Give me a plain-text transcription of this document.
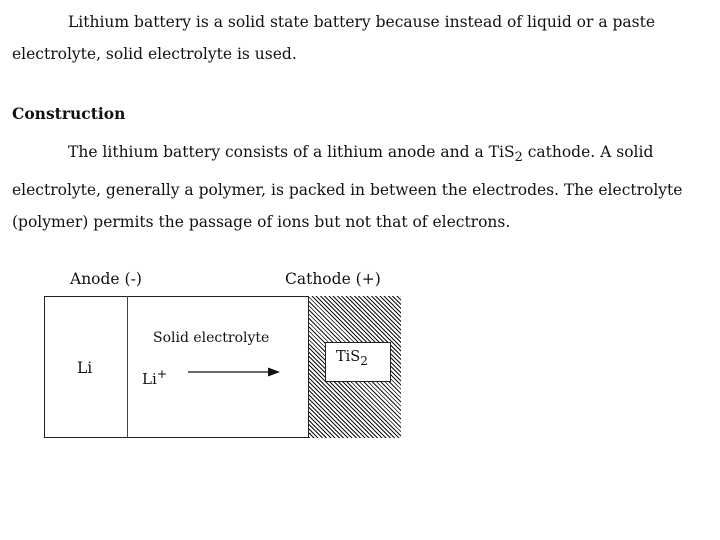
Lithium battery is a solid state battery because instead of liquid or a paste
electrolyte, solid electrolyte is used.
Construction
The lithium battery consists of a lithium anode and a TiS$_2$ cathode. A solid
electrolyte, generally a polymer, is packed in between the electrodes. The electrolyte
(polymer) permits the passage of ions but not that of electrons.
Anode (-)	Cathode (+)
TiS$_2$
Li
Solid electrolyte
Li+
